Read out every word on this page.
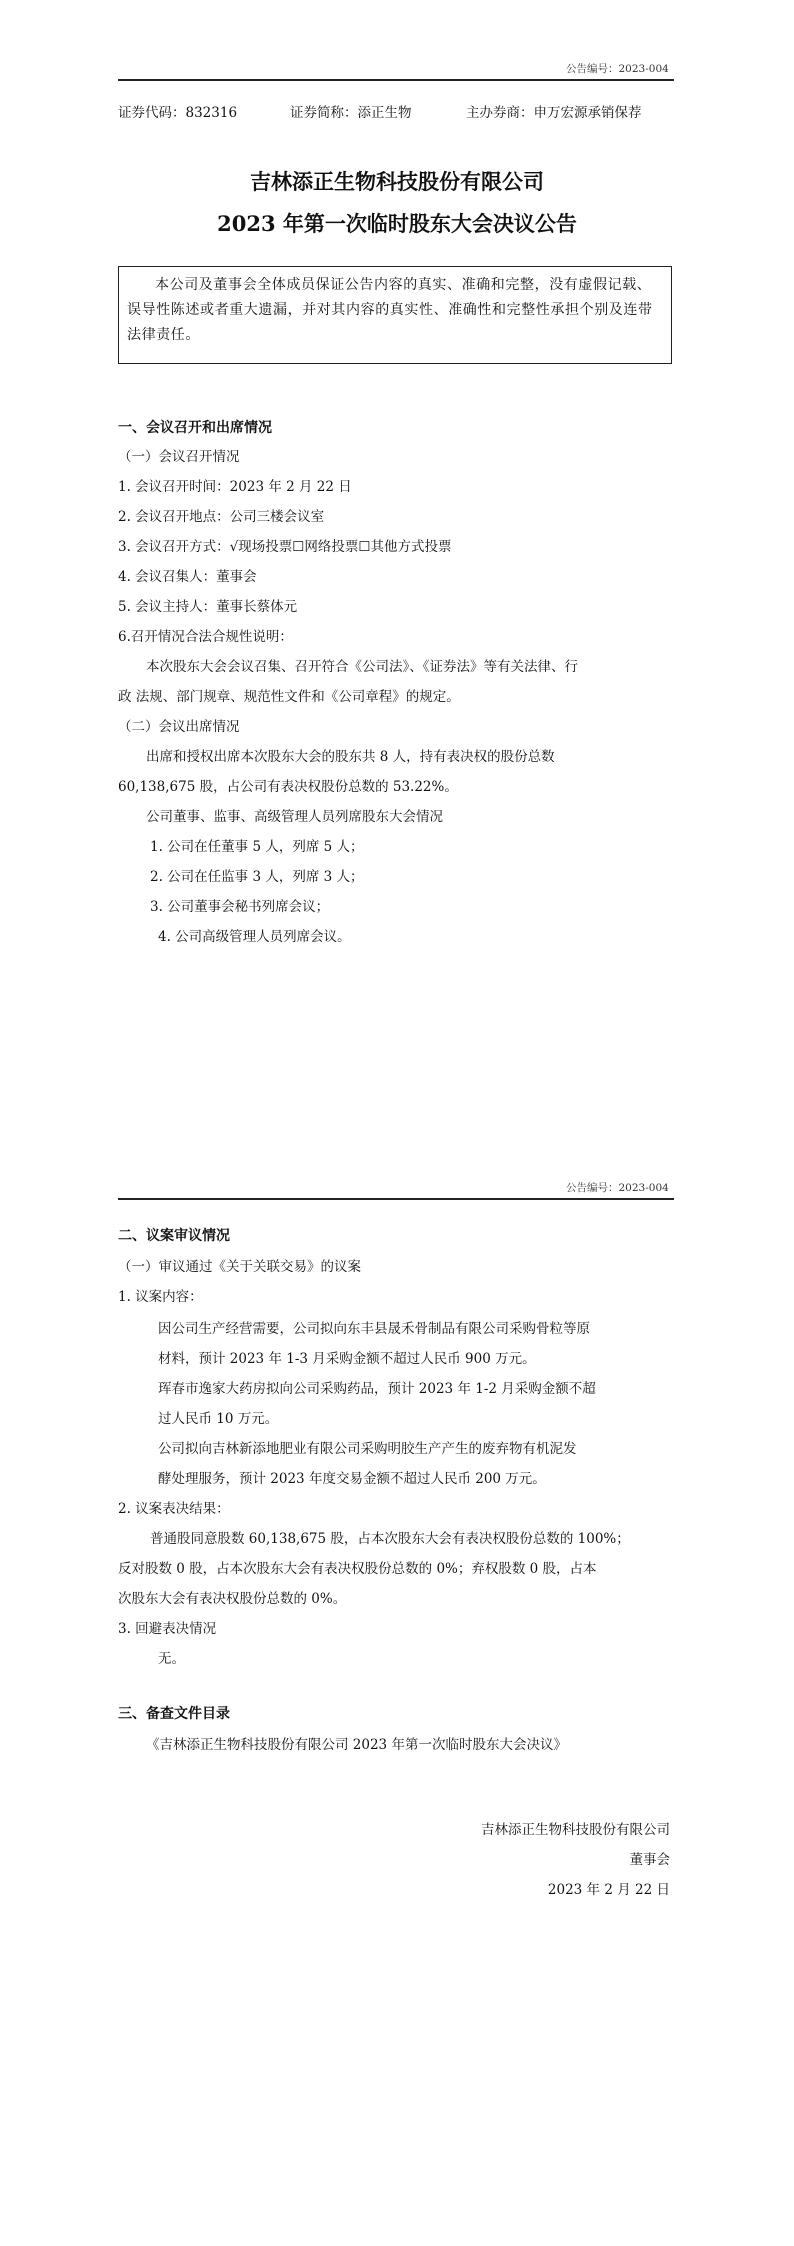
公告编号：2023-004
证券代码：832316	证券简称：添正生物	主办券商：申万宏源承销保荐
吉林添正生物科技股份有限公司
2023 年第一次临时股东大会决议公告
本公司及董事会全体成员保证公告内容的真实、准确和完整，没有虚假记载、误导性陈述或者重大遗漏，并对其内容的真实性、准确性和完整性承担个别及连带法律责任。
一、会议召开和出席情况
（一）会议召开情况
1. 会议召开时间：2023 年 2 月 22 日
2. 会议召开地点：公司三楼会议室
3. 会议召开方式：√现场投票☐网络投票☐其他方式投票
4. 会议召集人：董事会
5. 会议主持人：董事长蔡体元
6.召开情况合法合规性说明：
本次股东大会会议召集、召开符合《公司法》、《证券法》等有关法律、行
政 法规、部门规章、规范性文件和《公司章程》的规定。
（二）会议出席情况
出席和授权出席本次股东大会的股东共 8 人，持有表决权的股份总数
60,138,675 股，占公司有表决权股份总数的 53.22%。
公司董事、监事、高级管理人员列席股东大会情况
1. 公司在任董事 5 人，列席 5 人；
2. 公司在任监事 3 人，列席 3 人；
3. 公司董事会秘书列席会议；
4. 公司高级管理人员列席会议。
公告编号：2023-004
二、议案审议情况
（一）审议通过《关于关联交易》的议案
1. 议案内容：
因公司生产经营需要，公司拟向东丰县晟禾骨制品有限公司采购骨粒等原
材料，预计 2023 年 1-3 月采购金额不超过人民币 900 万元。
珲春市逸家大药房拟向公司采购药品，预计 2023 年 1-2 月采购金额不超
过人民币 10 万元。
公司拟向吉林新添地肥业有限公司采购明胶生产产生的废弃物有机泥发
酵处理服务，预计 2023 年度交易金额不超过人民币 200 万元。
2. 议案表决结果：
普通股同意股数 60,138,675 股，占本次股东大会有表决权股份总数的 100%；
反对股数 0 股，占本次股东大会有表决权股份总数的 0%；弃权股数 0 股，占本
次股东大会有表决权股份总数的 0%。
3. 回避表决情况
无。
三、备查文件目录
《吉林添正生物科技股份有限公司 2023 年第一次临时股东大会决议》
吉林添正生物科技股份有限公司
董事会
2023 年 2 月 22 日
